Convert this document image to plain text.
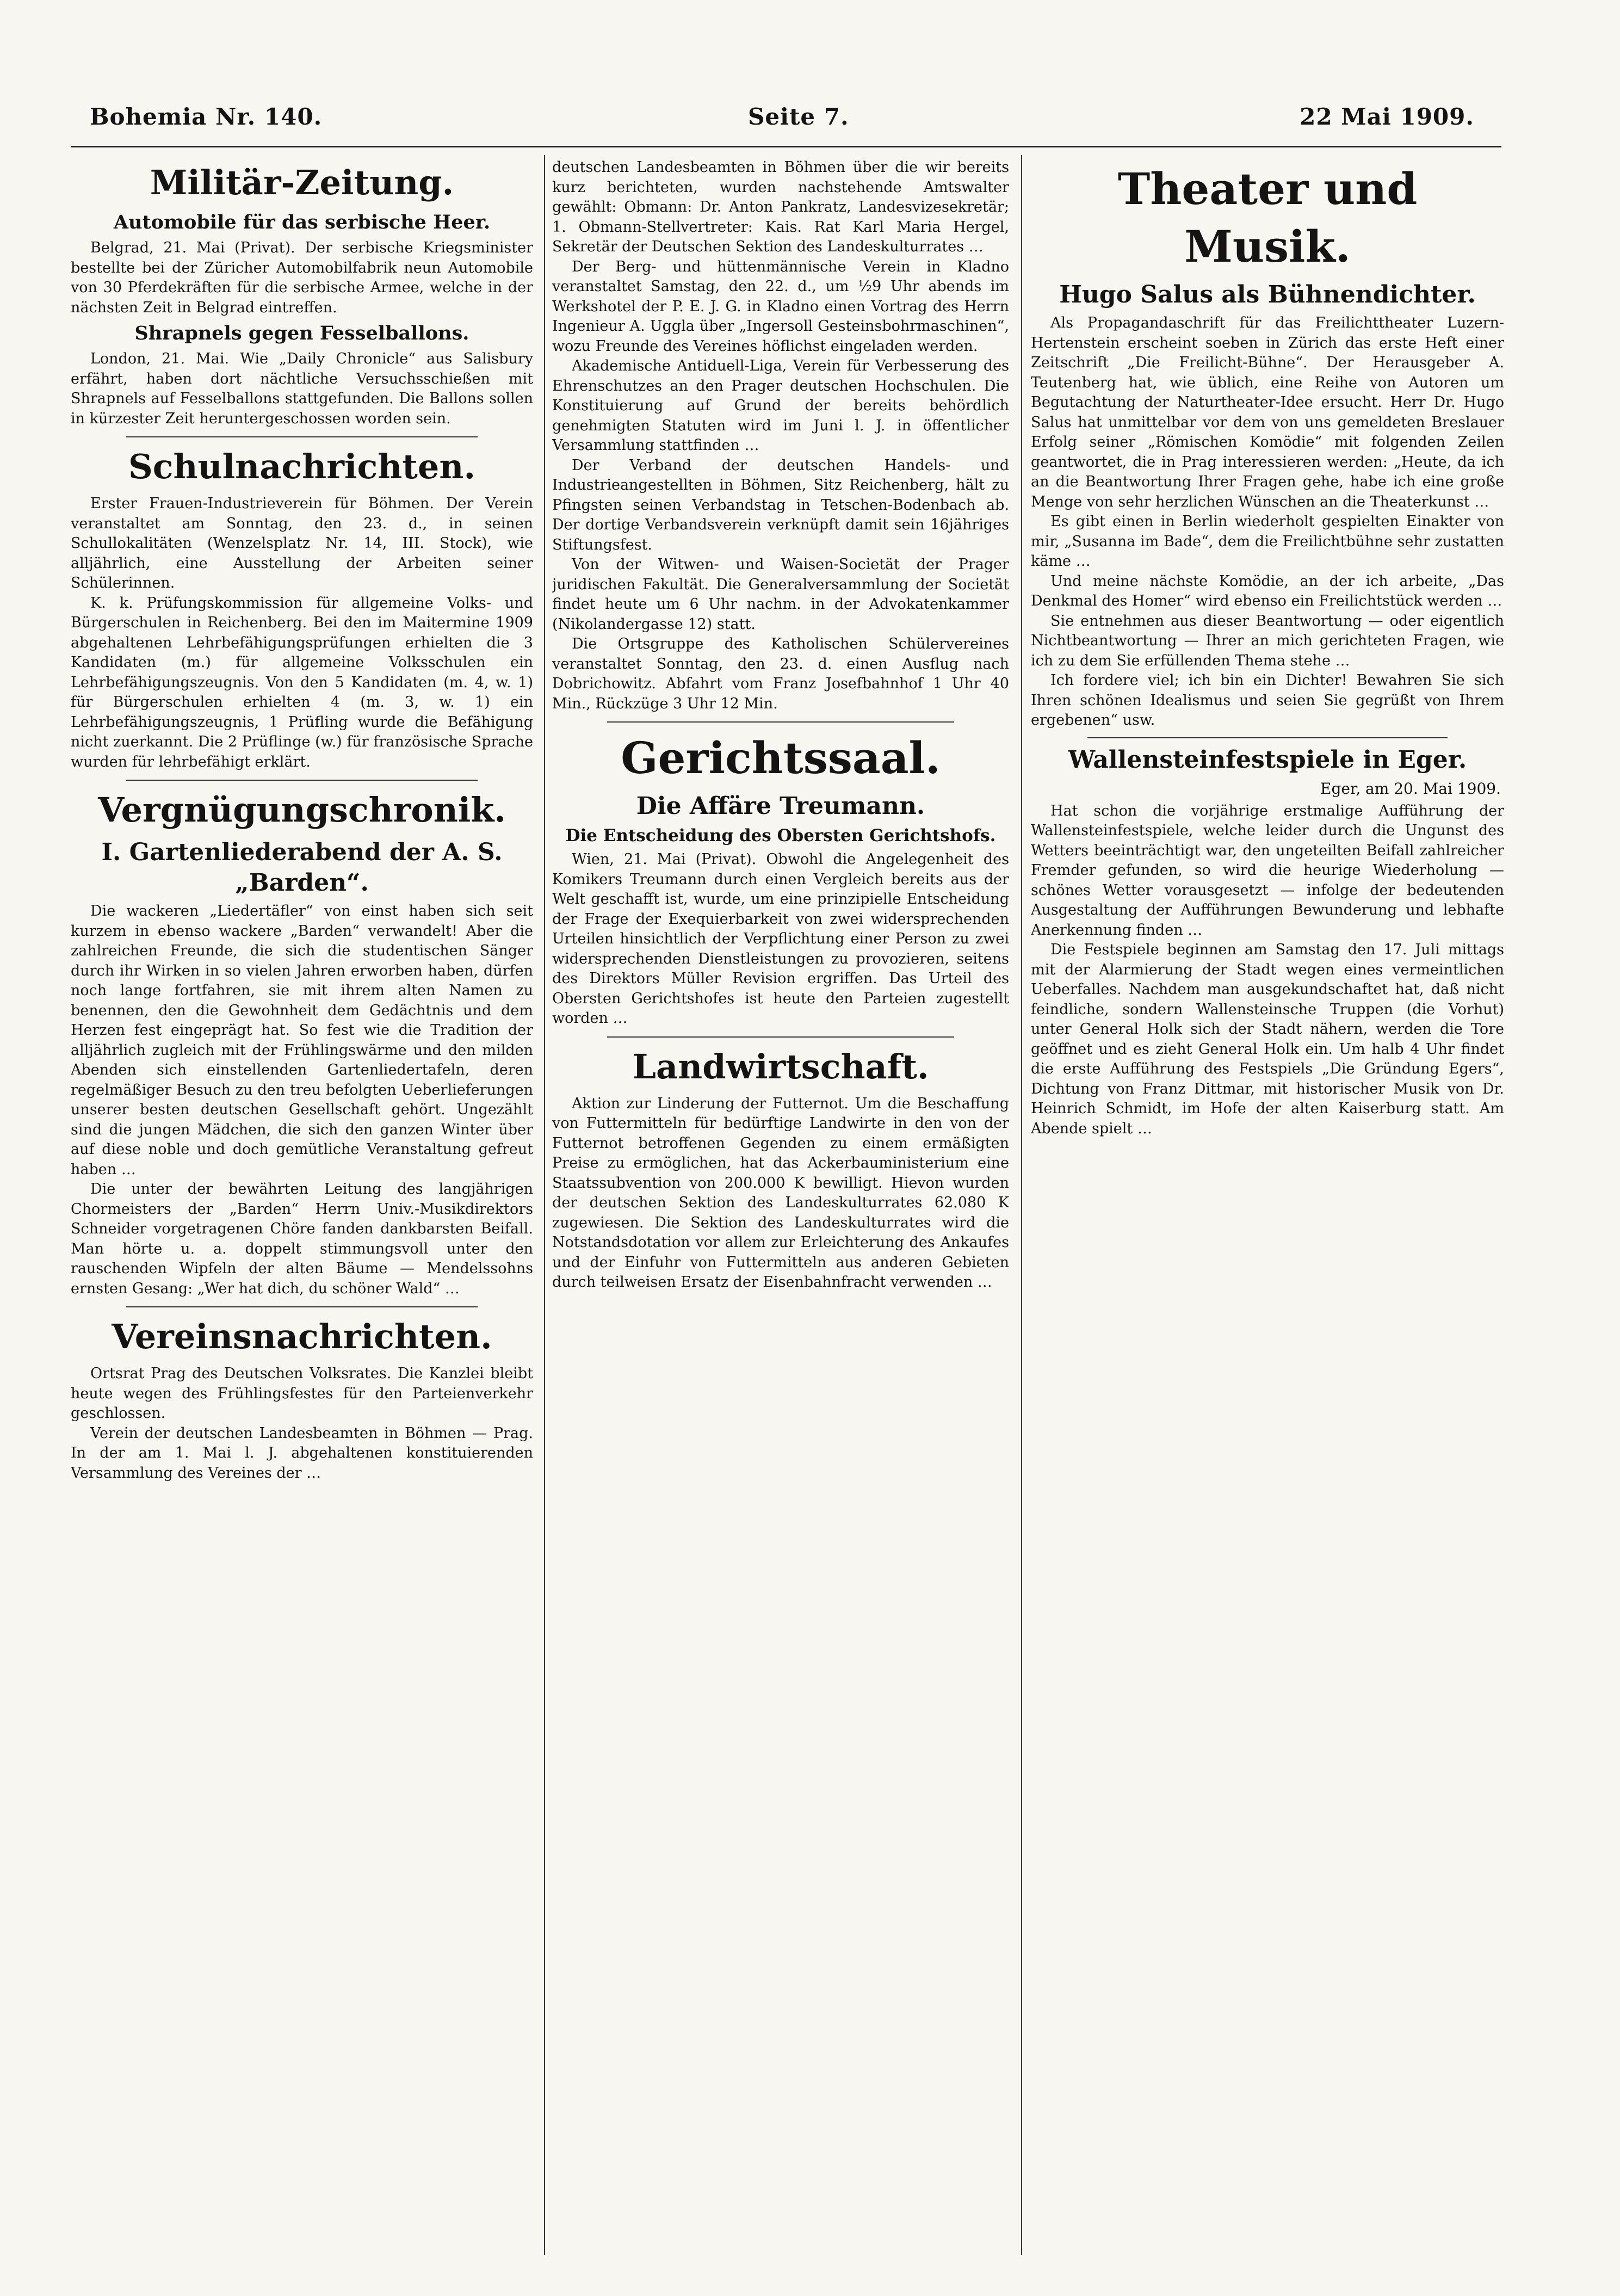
Bohemia Nr. 140.	Seite 7.	22 Mai 1909.
Militär-Zeitung.
Automobile für das serbische Heer.

Belgrad, 21. Mai (Privat). Der serbische Kriegsminister bestellte bei der Züricher Automobilfabrik neun Automobile von 30 Pferdekräften für die serbische Armee, welche in der nächsten Zeit in Belgrad eintreffen.

Shrapnels gegen Fesselballons.

London, 21. Mai. Wie „Daily Chronicle“ aus Salisbury erfährt, haben dort nächtliche Versuchsschießen mit Shrapnels auf Fesselballons stattgefunden. Die Ballons sollen in kürzester Zeit heruntergeschossen worden sein.

Schulnachrichten.

Erster Frauen-Industrieverein für Böhmen. Der Verein veranstaltet am Sonntag, den 23. d., in seinen Schullokalitäten (Wenzelsplatz Nr. 14, III. Stock), wie alljährlich, eine Ausstellung der Arbeiten seiner Schülerinnen.

K. k. Prüfungskommission für allgemeine Volks- und Bürgerschulen in Reichenberg. Bei den im Maitermine 1909 abgehaltenen Lehrbefähigungsprüfungen erhielten die 3 Kandidaten (m.) für allgemeine Volksschulen ein Lehrbefähigungszeugnis. Von den 5 Kandidaten (m. 4, w. 1) für Bürgerschulen erhielten 4 (m. 3, w. 1) ein Lehrbefähigungszeugnis, 1 Prüfling wurde die Befähigung nicht zuerkannt. Die 2 Prüflinge (w.) für französische Sprache wurden für lehrbefähigt erklärt.

Vergnügungschronik.
I. Gartenliederabend der A. S. „Barden“.

Die wackeren „Liedertäfler“ von einst haben sich seit kurzem in ebenso wackere „Barden“ verwandelt! Aber die zahlreichen Freunde, die sich die studentischen Sänger durch ihr Wirken in so vielen Jahren erworben haben, dürfen noch lange fortfahren, sie mit ihrem alten Namen zu benennen, den die Gewohnheit dem Gedächtnis und dem Herzen fest eingeprägt hat. So fest wie die Tradition der alljährlich zugleich mit der Frühlingswärme und den milden Abenden sich einstellenden Gartenliedertafeln, deren regelmäßiger Besuch zu den treu befolgten Ueberlieferungen unserer besten deutschen Gesellschaft gehört. Ungezählt sind die jungen Mädchen, die sich den ganzen Winter über auf diese noble und doch gemütliche Veranstaltung gefreut haben …

Die unter der bewährten Leitung des langjährigen Chormeisters der „Barden“ Herrn Univ.-Musikdirektors Schneider vorgetragenen Chöre fanden dankbarsten Beifall. Man hörte u. a. doppelt stimmungsvoll unter den rauschenden Wipfeln der alten Bäume — Mendelssohns ernsten Gesang: „Wer hat dich, du schöner Wald“ …

Vereinsnachrichten.

Ortsrat Prag des Deutschen Volksrates. Die Kanzlei bleibt heute wegen des Frühlingsfestes für den Parteienverkehr geschlossen.

Verein der deutschen Landesbeamten in Böhmen — Prag. In der am 1. Mai l. J. abgehaltenen konstituierenden Versammlung des Vereines der …

deutschen Landesbeamten in Böhmen über die wir bereits kurz berichteten, wurden nachstehende Amtswalter gewählt: Obmann: Dr. Anton Pankratz, Landesvizesekretär; 1. Obmann-Stellvertreter: Kais. Rat Karl Maria Hergel, Sekretär der Deutschen Sektion des Landeskulturrates …

Der Berg- und hüttenmännische Verein in Kladno veranstaltet Samstag, den 22. d., um ½9 Uhr abends im Werkshotel der P. E. J. G. in Kladno einen Vortrag des Herrn Ingenieur A. Uggla über „Ingersoll Gesteinsbohrmaschinen“, wozu Freunde des Vereines höflichst eingeladen werden.

Akademische Antiduell-Liga, Verein für Verbesserung des Ehrenschutzes an den Prager deutschen Hochschulen. Die Konstituierung auf Grund der bereits behördlich genehmigten Statuten wird im Juni l. J. in öffentlicher Versammlung stattfinden …

Der Verband der deutschen Handels- und Industrieangestellten in Böhmen, Sitz Reichenberg, hält zu Pfingsten seinen Verbandstag in Tetschen-Bodenbach ab. Der dortige Verbandsverein verknüpft damit sein 16jähriges Stiftungsfest.

Von der Witwen- und Waisen-Societät der Prager juridischen Fakultät. Die Generalversammlung der Societät findet heute um 6 Uhr nachm. in der Advokatenkammer (Nikolandergasse 12) statt.

Die Ortsgruppe des Katholischen Schülervereines veranstaltet Sonntag, den 23. d. einen Ausflug nach Dobrichowitz. Abfahrt vom Franz Josefbahnhof 1 Uhr 40 Min., Rückzüge 3 Uhr 12 Min.

Gerichtssaal.
Die Affäre Treumann.
Die Entscheidung des Obersten Gerichtshofs.

Wien, 21. Mai (Privat). Obwohl die Angelegenheit des Komikers Treumann durch einen Vergleich bereits aus der Welt geschafft ist, wurde, um eine prinzipielle Entscheidung der Frage der Exequierbarkeit von zwei widersprechenden Urteilen hinsichtlich der Verpflichtung einer Person zu zwei widersprechenden Dienstleistungen zu provozieren, seitens des Direktors Müller Revision ergriffen. Das Urteil des Obersten Gerichtshofes ist heute den Parteien zugestellt worden …

Landwirtschaft.

Aktion zur Linderung der Futternot. Um die Beschaffung von Futtermitteln für bedürftige Landwirte in den von der Futternot betroffenen Gegenden zu einem ermäßigten Preise zu ermöglichen, hat das Ackerbauministerium eine Staatssubvention von 200.000 K bewilligt. Hievon wurden der deutschen Sektion des Landeskulturrates 62.080 K zugewiesen. Die Sektion des Landeskulturrates wird die Notstandsdotation vor allem zur Erleichterung des Ankaufes und der Einfuhr von Futtermitteln aus anderen Gebieten durch teilweisen Ersatz der Eisenbahnfracht verwenden …

Theater und Musik.
Hugo Salus als Bühnendichter.

Als Propagandaschrift für das Freilichttheater Luzern-Hertenstein erscheint soeben in Zürich das erste Heft einer Zeitschrift „Die Freilicht-Bühne“. Der Herausgeber A. Teutenberg hat, wie üblich, eine Reihe von Autoren um Begutachtung der Naturtheater-Idee ersucht. Herr Dr. Hugo Salus hat unmittelbar vor dem von uns gemeldeten Breslauer Erfolg seiner „Römischen Komödie“ mit folgenden Zeilen geantwortet, die in Prag interessieren werden: „Heute, da ich an die Beantwortung Ihrer Fragen gehe, habe ich eine große Menge von sehr herzlichen Wünschen an die Theaterkunst …

Es gibt einen in Berlin wiederholt gespielten Einakter von mir, „Susanna im Bade“, dem die Freilichtbühne sehr zustatten käme …

Und meine nächste Komödie, an der ich arbeite, „Das Denkmal des Homer“ wird ebenso ein Freilichtstück werden …

Sie entnehmen aus dieser Beantwortung — oder eigentlich Nichtbeantwortung — Ihrer an mich gerichteten Fragen, wie ich zu dem Sie erfüllenden Thema stehe …

Ich fordere viel; ich bin ein Dichter! Bewahren Sie sich Ihren schönen Idealismus und seien Sie gegrüßt von Ihrem ergebenen“ usw.

Wallensteinfestspiele in Eger.
Eger, am 20. Mai 1909.

Hat schon die vorjährige erstmalige Aufführung der Wallensteinfestspiele, welche leider durch die Ungunst des Wetters beeinträchtigt war, den ungeteilten Beifall zahlreicher Fremder gefunden, so wird die heurige Wiederholung — schönes Wetter vorausgesetzt — infolge der bedeutenden Ausgestaltung der Aufführungen Bewunderung und lebhafte Anerkennung finden …

Die Festspiele beginnen am Samstag den 17. Juli mittags mit der Alarmierung der Stadt wegen eines vermeintlichen Ueberfalles. Nachdem man ausgekundschaftet hat, daß nicht feindliche, sondern Wallensteinsche Truppen (die Vorhut) unter General Holk sich der Stadt nähern, werden die Tore geöffnet und es zieht General Holk ein. Um halb 4 Uhr findet die erste Aufführung des Festspiels „Die Gründung Egers“, Dichtung von Franz Dittmar, mit historischer Musik von Dr. Heinrich Schmidt, im Hofe der alten Kaiserburg statt. Am Abende spielt …
